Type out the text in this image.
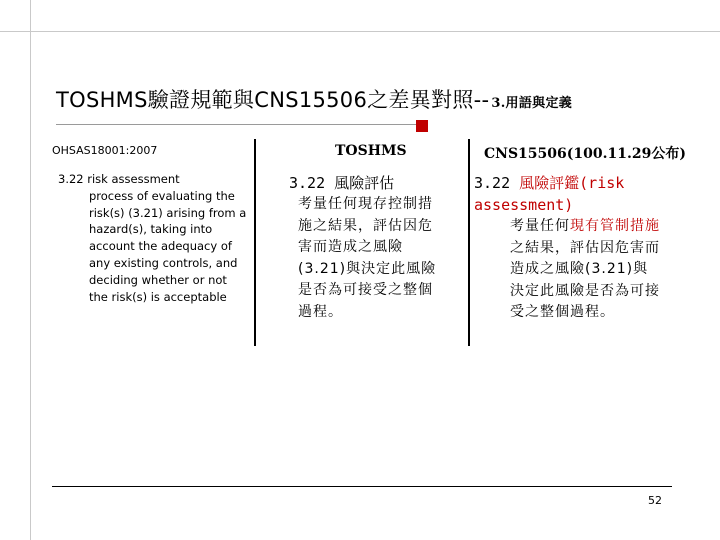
TOSHMS驗證規範與CNS15506之差異對照-- 3.用語與定義
OHSAS18001:2007	TOSHMS	CNS15506(100.11.29公布)
3.22 risk assessment
process of evaluating the risk(s) (3.21) arising from a hazard(s), taking into account the adequacy of any existing controls, and deciding whether or not the risk(s) is acceptable
3.22 風險評估
考量任何現存控制措施之結果，評估因危害而造成之風險(3.21)與決定此風險是否為可接受之整個過程。
3.22 風險評鑑(risk assessment)
考量任何現有管制措施之結果，評估因危害而造成之風險(3.21)與決定此風險是否為可接受之整個過程。
52
